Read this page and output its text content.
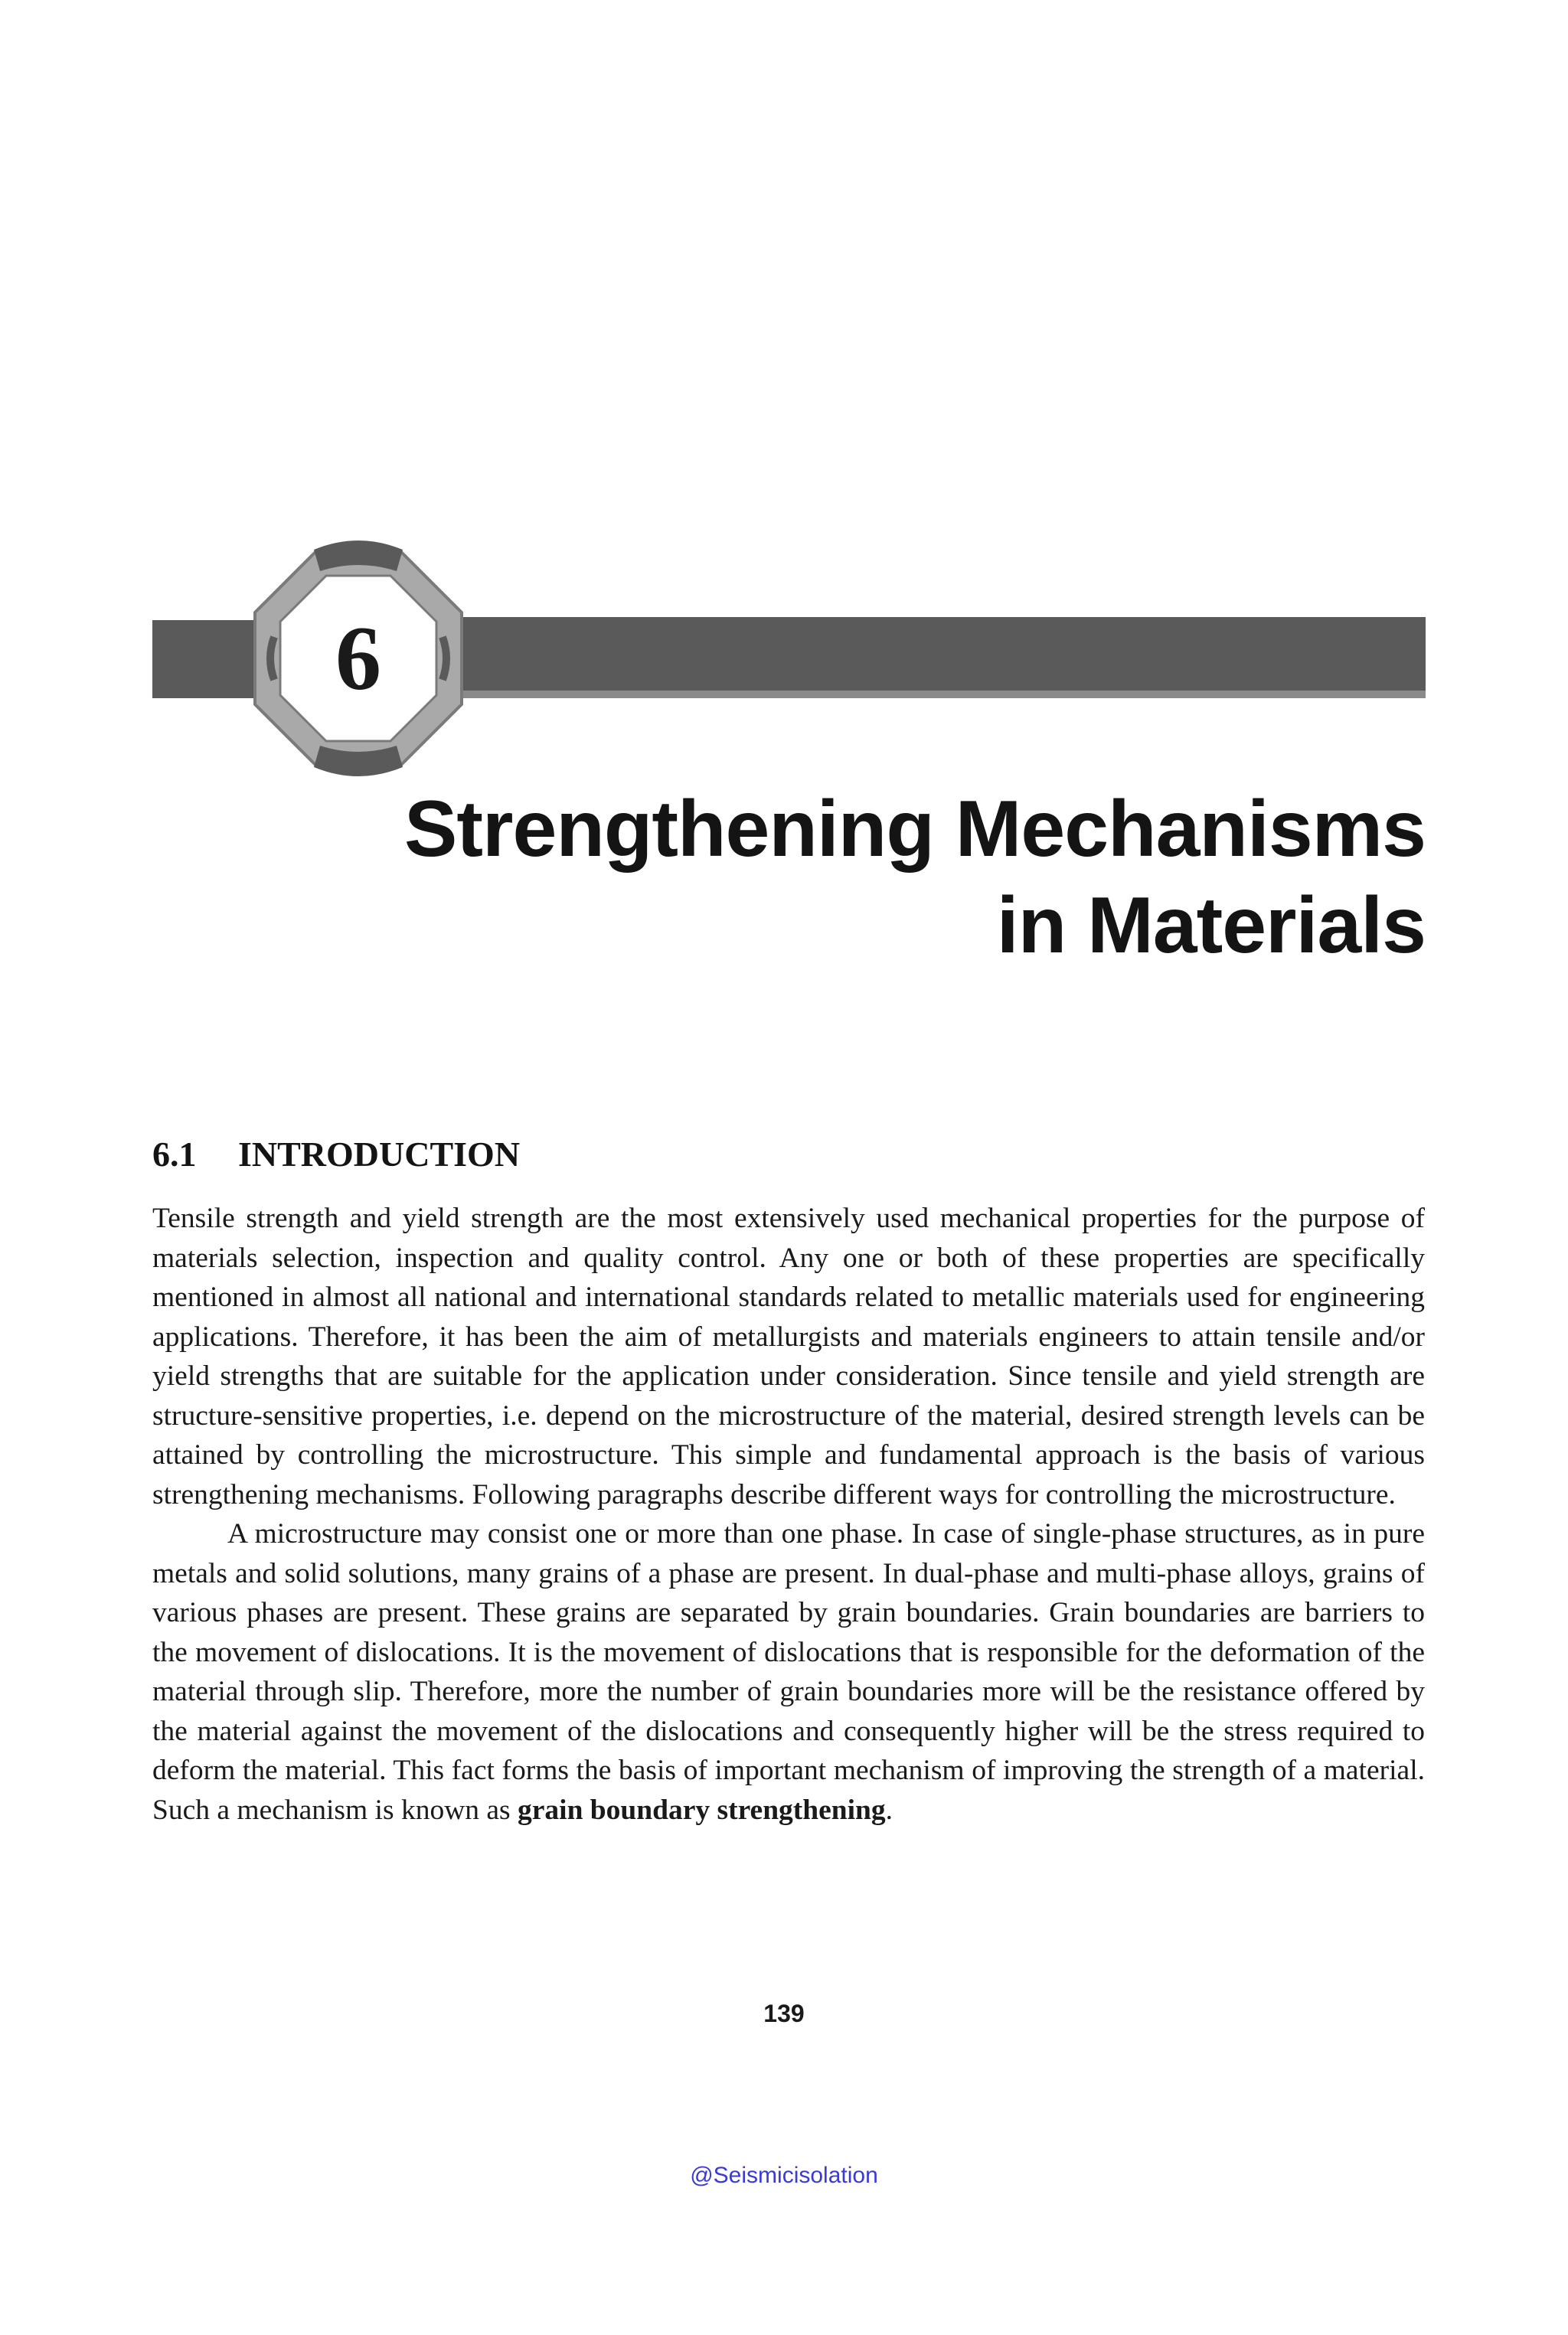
6
Strengthening Mechanisms
in Materials
6.1 INTRODUCTION

Tensile strength and yield strength are the most extensively used mechanical properties for the purpose of materials selection, inspection and quality control. Any one or both of these properties are specifically mentioned in almost all national and international standards related to metallic materials used for engineering applications. Therefore, it has been the aim of metallurgists and materials engineers to attain tensile and/or yield strengths that are suitable for the application under consideration. Since tensile and yield strength are structure-sensitive properties, i.e. depend on the microstructure of the material, desired strength levels can be attained by controlling the microstructure. This simple and fundamental approach is the basis of various strengthening mechanisms. Following paragraphs describe different ways for controlling the microstructure.

A microstructure may consist one or more than one phase. In case of single-phase structures, as in pure metals and solid solutions, many grains of a phase are present. In dual-phase and multi-phase alloys, grains of various phases are present. These grains are separated by grain boundaries. Grain boundaries are barriers to the movement of dislocations. It is the movement of dislocations that is responsible for the deformation of the material through slip. Therefore, more the number of grain boundaries more will be the resistance offered by the material against the movement of the dislocations and consequently higher will be the stress required to deform the material. This fact forms the basis of important mechanism of improving the strength of a material. Such a mechanism is known as grain boundary strengthening.

139
@Seismicisolation
